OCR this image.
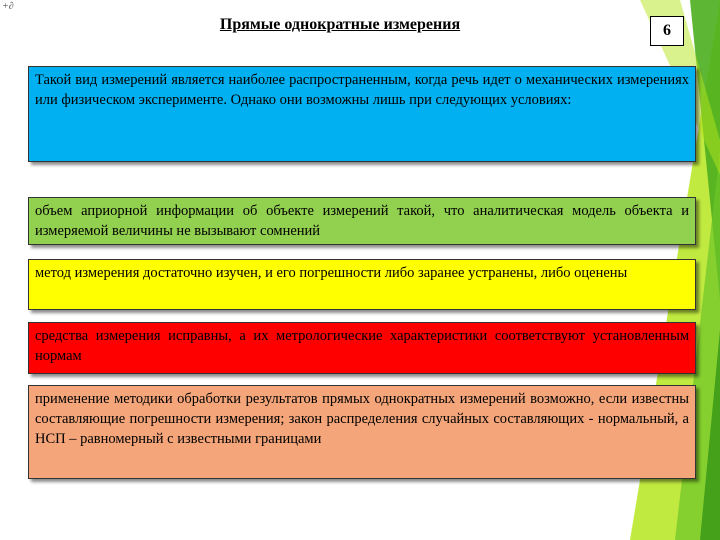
+∂
Прямые однократные измерения	6
Такой вид измерений является наиболее распространенным, когда речь идет о механических измерениях или физическом эксперименте. Однако они возможны лишь при следующих условиях:
объем априорной информации об объекте измерений такой, что аналитическая модель объекта и измеряемой величины не вызывают сомнений
метод измерения достаточно изучен, и его погрешности либо заранее устранены, либо оценены
средства измерения исправны, а их метрологические характеристики соответствуют установленным нормам
применение методики обработки результатов прямых однократных измерений возможно, если известны составляющие погрешности измерения; закон распределения случайных составляющих - нормальный, а НСП – равномерный с известными границами
